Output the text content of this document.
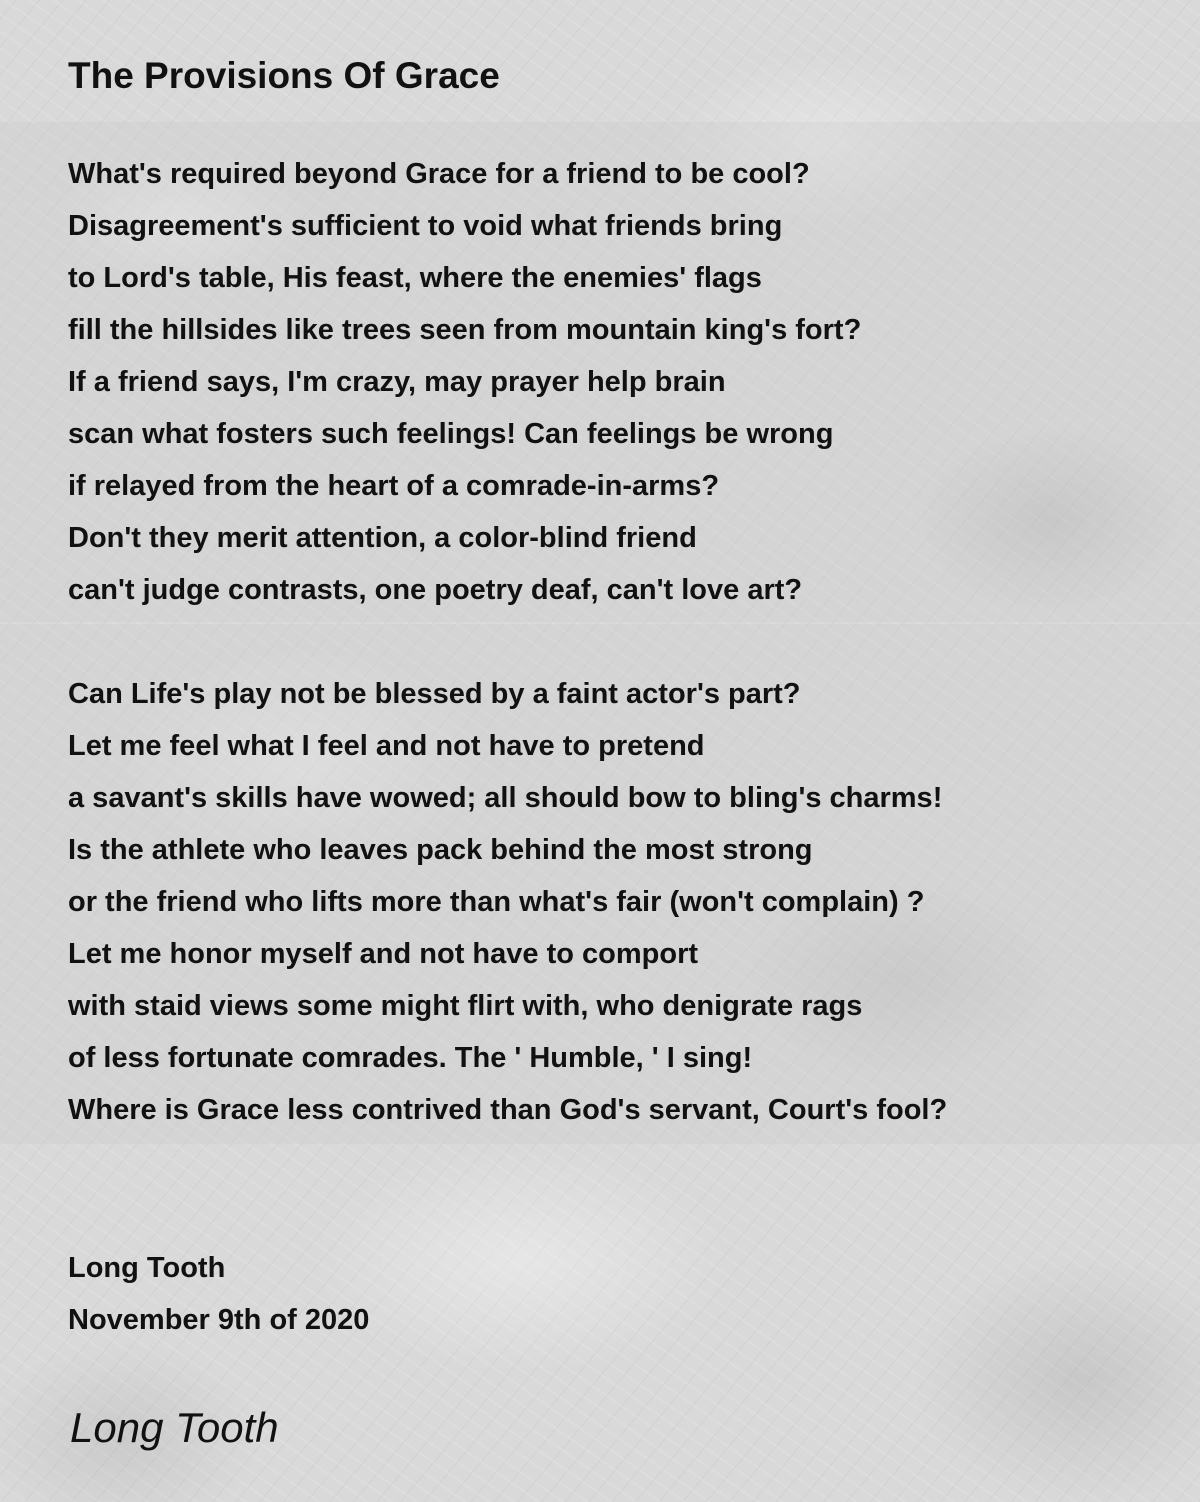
The Provisions Of Grace
What's required beyond Grace for a friend to be cool?
Disagreement's sufficient to void what friends bring
to Lord's table, His feast, where the enemies' flags
fill the hillsides like trees seen from mountain king's fort?
If a friend says, I'm crazy, may prayer help brain
scan what fosters such feelings! Can feelings be wrong
if relayed from the heart of a comrade-in-arms?
Don't they merit attention, a color-blind friend
can't judge contrasts, one poetry deaf, can't love art?
Can Life's play not be blessed by a faint actor's part?
Let me feel what I feel and not have to pretend
a savant's skills have wowed; all should bow to bling's charms!
Is the athlete who leaves pack behind the most strong
or the friend who lifts more than what's fair (won't complain) ?
Let me honor myself and not have to comport
with staid views some might flirt with, who denigrate rags
of less fortunate comrades. The ' Humble, ' I sing!
Where is Grace less contrived than God's servant, Court's fool?
Long Tooth
November 9th of 2020
Long Tooth
